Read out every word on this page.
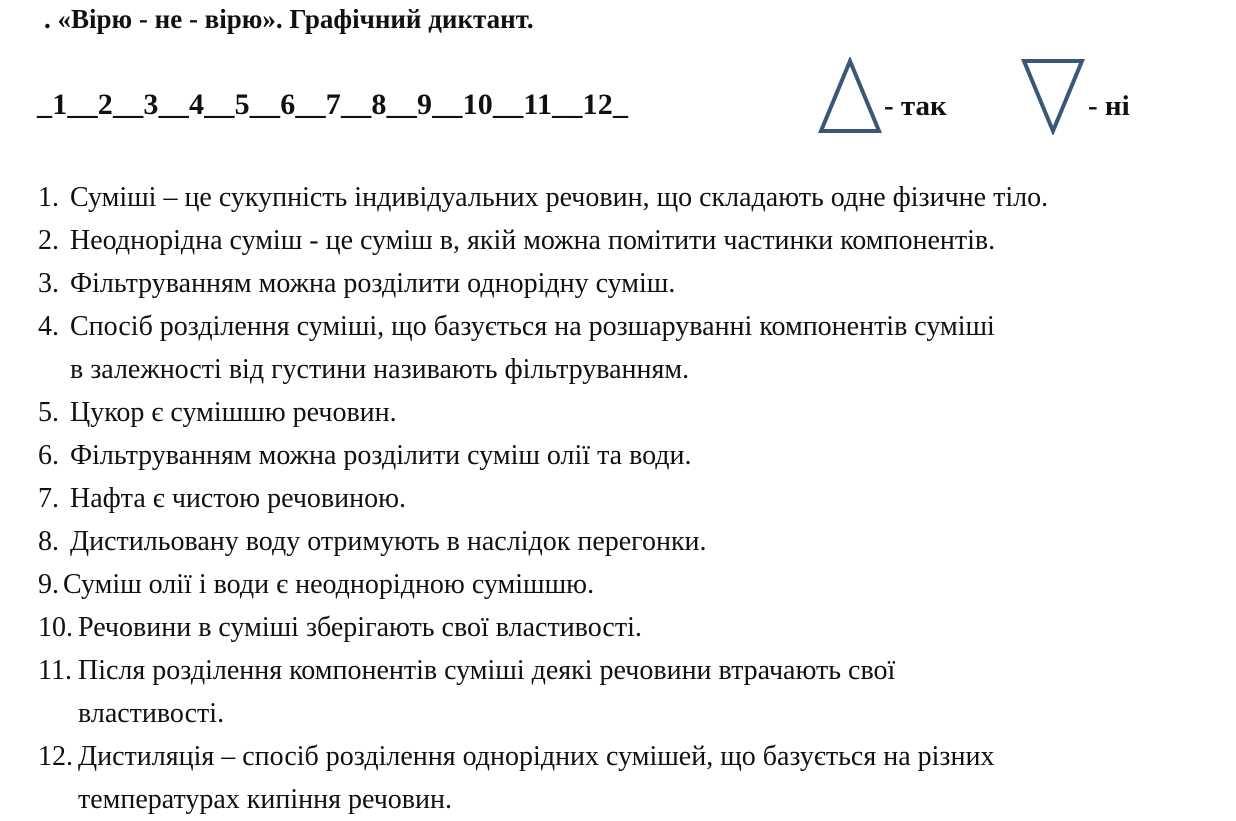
. «Вірю - не - вірю». Графічний диктант.
_1__2__3__4__5__6__7__8__9__10__11__12_	- так	- ні
1. Суміші – це сукупність індивідуальних речовин, що складають одне фізичне тіло.
2. Неоднорідна суміш - це суміш в, якій можна помітити частинки компонентів.
3. Фільтруванням можна розділити однорідну суміш.
4. Спосіб розділення суміші, що базується на розшаруванні компонентів суміші
в залежності від густини називають фільтруванням.
5. Цукор є сумішшю речовин.
6. Фільтруванням можна розділити суміш олії та води.
7. Нафта є чистою речовиною.
8. Дистильовану воду отримують в наслідок перегонки.
9. Суміш олії і води є неоднорідною сумішшю.
10. Речовини в суміші зберігають свої властивості.
11. Після розділення компонентів суміші деякі речовини втрачають свої
властивості.
12. Дистиляція – спосіб розділення однорідних сумішей, що базується на різних
температурах кипіння речовин.
